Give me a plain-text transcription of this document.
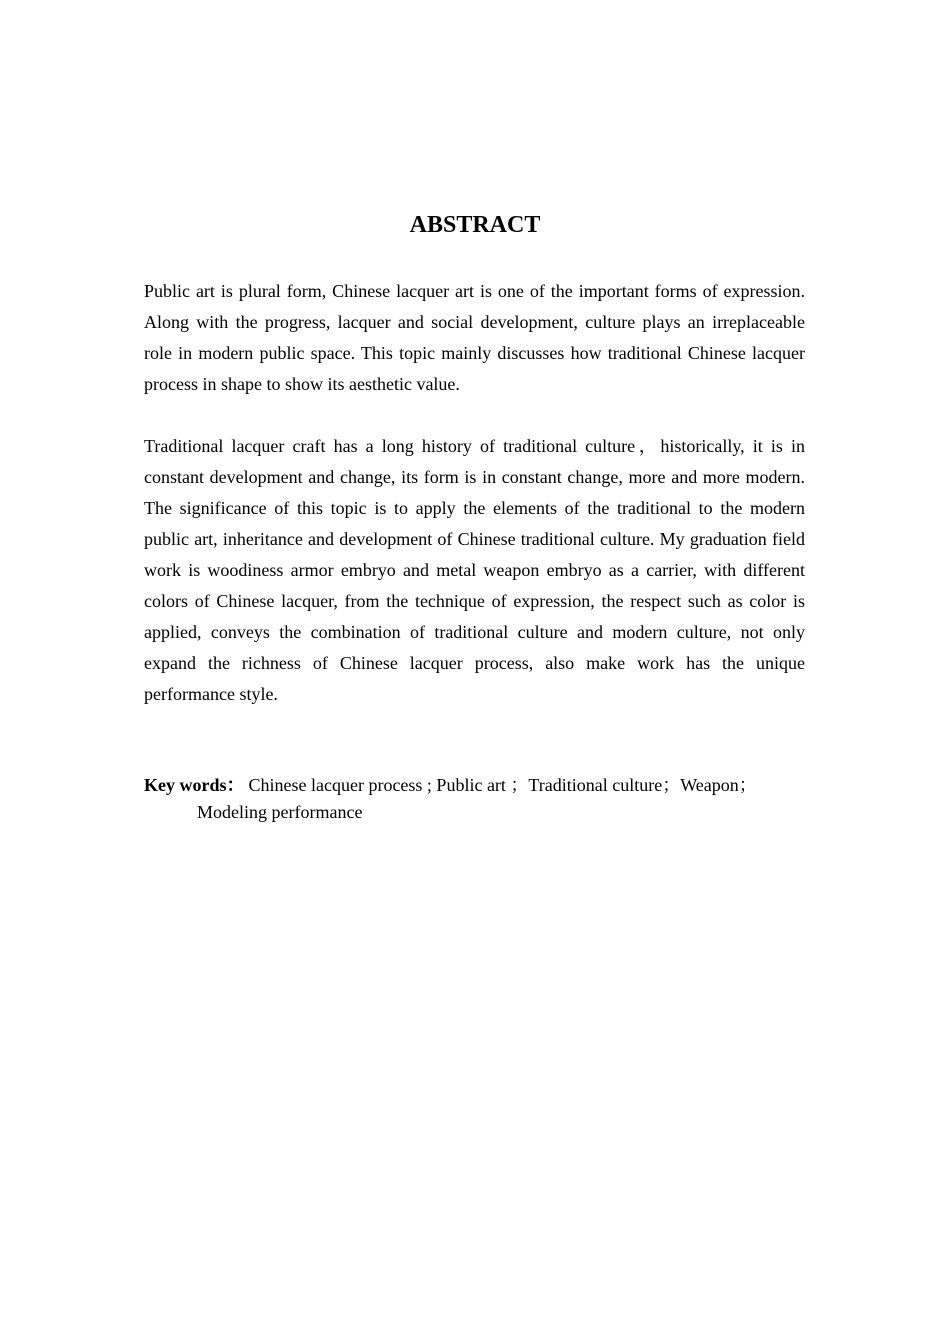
ABSTRACT

Public art is plural form, Chinese lacquer art is one of the important forms of expression. Along with the progress, lacquer and social development, culture plays an irreplaceable role in modern public space. This topic mainly discusses how traditional Chinese lacquer process in shape to show its aesthetic value.

Traditional lacquer craft has a long history of traditional culture，historically, it is in constant development and change, its form is in constant change, more and more modern. The significance of this topic is to apply the elements of the traditional to the modern public art, inheritance and development of Chinese traditional culture. My graduation field work is woodiness armor embryo and metal weapon embryo as a carrier, with different colors of Chinese lacquer, from the technique of expression, the respect such as color is applied, conveys the combination of traditional culture and modern culture, not only expand the richness of Chinese lacquer process, also make work has the unique performance style.

Key words： Chinese lacquer process ; Public art ；Traditional culture；Weapon；Modeling performance
